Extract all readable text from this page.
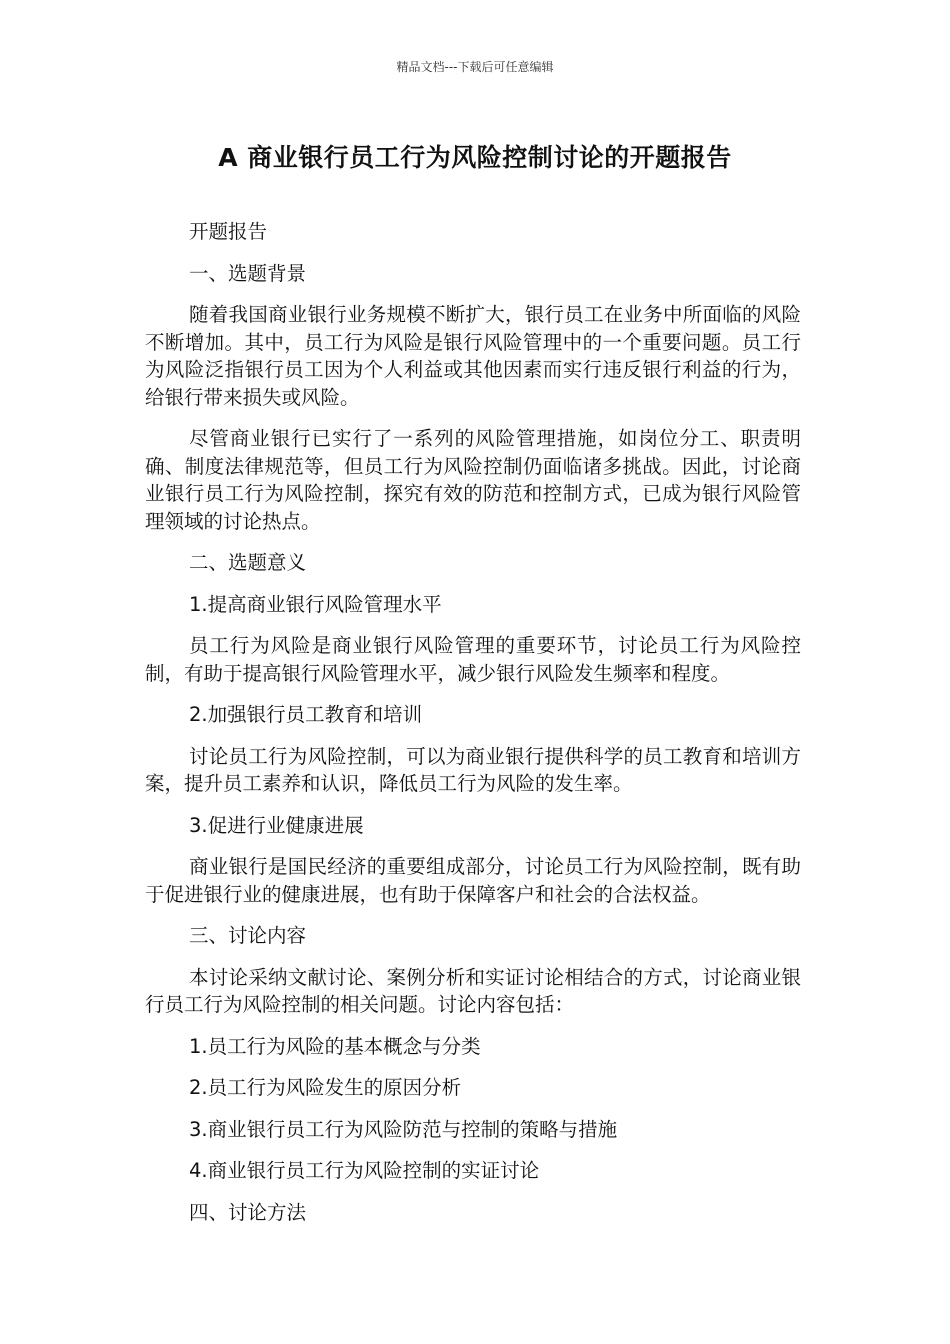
精品文档---下载后可任意编辑
A 商业银行员工行为风险控制讨论的开题报告

开题报告

一、选题背景

随着我国商业银行业务规模不断扩大，银行员工在业务中所面临的风险不断增加。其中，员工行为风险是银行风险管理中的一个重要问题。员工行为风险泛指银行员工因为个人利益或其他因素而实行违反银行利益的行为，给银行带来损失或风险。

尽管商业银行已实行了一系列的风险管理措施，如岗位分工、职责明确、制度法律规范等，但员工行为风险控制仍面临诸多挑战。因此，讨论商业银行员工行为风险控制，探究有效的防范和控制方式，已成为银行风险管理领域的讨论热点。

二、选题意义

1.提高商业银行风险管理水平

员工行为风险是商业银行风险管理的重要环节，讨论员工行为风险控制，有助于提高银行风险管理水平，减少银行风险发生频率和程度。

2.加强银行员工教育和培训

讨论员工行为风险控制，可以为商业银行提供科学的员工教育和培训方案，提升员工素养和认识，降低员工行为风险的发生率。

3.促进行业健康进展

商业银行是国民经济的重要组成部分，讨论员工行为风险控制，既有助于促进银行业的健康进展，也有助于保障客户和社会的合法权益。

三、讨论内容

本讨论采纳文献讨论、案例分析和实证讨论相结合的方式，讨论商业银行员工行为风险控制的相关问题。讨论内容包括：

1.员工行为风险的基本概念与分类

2.员工行为风险发生的原因分析

3.商业银行员工行为风险防范与控制的策略与措施

4.商业银行员工行为风险控制的实证讨论

四、讨论方法
